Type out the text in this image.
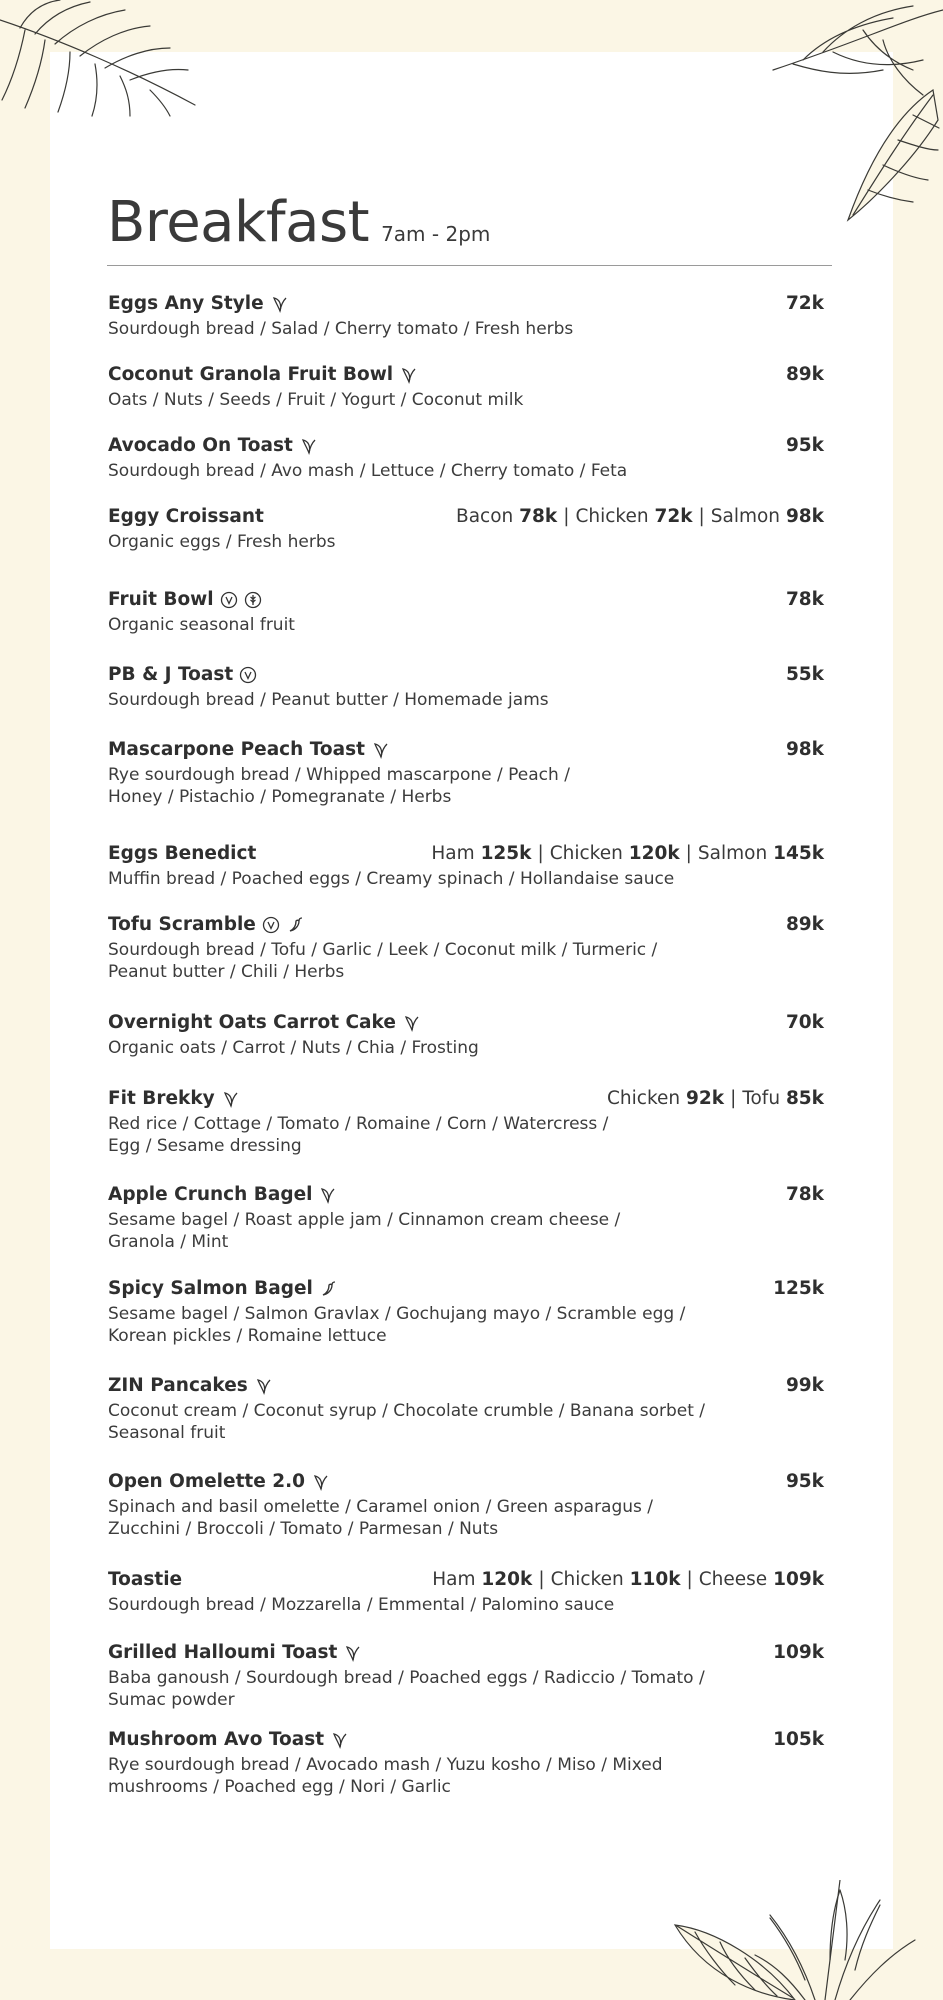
Breakfast 7am - 2pm
Eggs Any Style	72k
Sourdough bread / Salad / Cherry tomato / Fresh herbs
Coconut Granola Fruit Bowl	89k
Oats / Nuts / Seeds / Fruit / Yogurt / Coconut milk
Avocado On Toast	95k
Sourdough bread / Avo mash / Lettuce / Cherry tomato / Feta
Eggy Croissant	Bacon 78k | Chicken 72k | Salmon 98k
Organic eggs / Fresh herbs
Fruit Bowl	78k
Organic seasonal fruit
PB & J Toast	55k
Sourdough bread / Peanut butter / Homemade jams
Mascarpone Peach Toast	98k
Rye sourdough bread / Whipped mascarpone / Peach /
Honey / Pistachio / Pomegranate / Herbs
Eggs Benedict	Ham 125k | Chicken 120k | Salmon 145k
Muffin bread / Poached eggs / Creamy spinach / Hollandaise sauce
Tofu Scramble	89k
Sourdough bread / Tofu / Garlic / Leek / Coconut milk / Turmeric /
Peanut butter / Chili / Herbs
Overnight Oats Carrot Cake	70k
Organic oats / Carrot / Nuts / Chia / Frosting
Fit Brekky	Chicken 92k | Tofu 85k
Red rice / Cottage / Tomato / Romaine / Corn / Watercress /
Egg / Sesame dressing
Apple Crunch Bagel	78k
Sesame bagel / Roast apple jam / Cinnamon cream cheese /
Granola / Mint
Spicy Salmon Bagel	125k
Sesame bagel / Salmon Gravlax / Gochujang mayo / Scramble egg /
Korean pickles / Romaine lettuce
ZIN Pancakes	99k
Coconut cream / Coconut syrup / Chocolate crumble / Banana sorbet /
Seasonal fruit
Open Omelette 2.0	95k
Spinach and basil omelette / Caramel onion / Green asparagus /
Zucchini / Broccoli / Tomato / Parmesan / Nuts
Toastie	Ham 120k | Chicken 110k | Cheese 109k
Sourdough bread / Mozzarella / Emmental / Palomino sauce
Grilled Halloumi Toast	109k
Baba ganoush / Sourdough bread / Poached eggs / Radiccio / Tomato /
Sumac powder
Mushroom Avo Toast	105k
Rye sourdough bread / Avocado mash / Yuzu kosho / Miso / Mixed
mushrooms / Poached egg / Nori / Garlic
